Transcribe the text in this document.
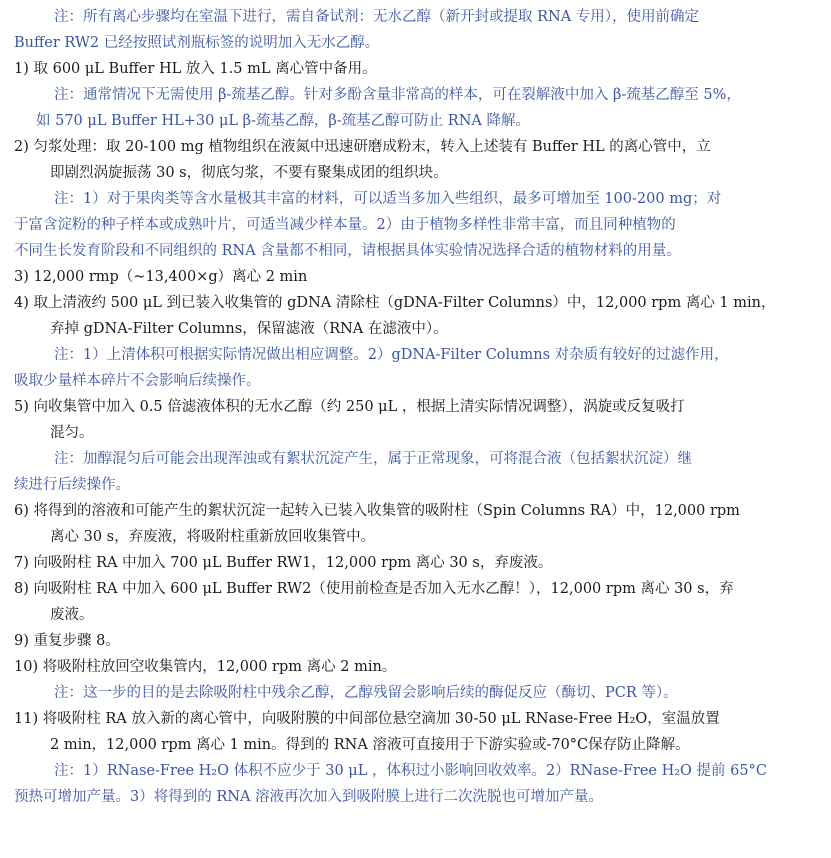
注：所有离心步骤均在室温下进行，需自备试剂：无水乙醇（新开封或提取 RNA 专用），使用前确定
Buffer RW2 已经按照试剂瓶标签的说明加入无水乙醇。
1) 取 600 μL Buffer HL 放入 1.5 mL 离心管中备用。
注：通常情况下无需使用 β-巯基乙醇。针对多酚含量非常高的样本，可在裂解液中加入 β-巯基乙醇至 5%，
如 570 μL Buffer HL+30 μL β-巯基乙醇，β-巯基乙醇可防止 RNA 降解。
2) 匀浆处理：取 20-100 mg 植物组织在液氮中迅速研磨成粉末，转入上述装有 Buffer HL 的离心管中，立
即剧烈涡旋振荡 30 s，彻底匀浆，不要有聚集成团的组织块。
注：1）对于果肉类等含水量极其丰富的材料，可以适当多加入些组织，最多可增加至 100-200 mg；对
于富含淀粉的种子样本或成熟叶片，可适当减少样本量。2）由于植物多样性非常丰富，而且同种植物的
不同生长发育阶段和不同组织的 RNA 含量都不相同，请根据具体实验情况选择合适的植物材料的用量。
3) 12,000 rmp（~13,400×g）离心 2 min
4) 取上清液约 500 μL 到已装入收集管的 gDNA 清除柱（gDNA-Filter Columns）中，12,000 rpm 离心 1 min，
弃掉 gDNA-Filter Columns，保留滤液（RNA 在滤液中）。
注：1）上清体积可根据实际情况做出相应调整。2）gDNA-Filter Columns 对杂质有较好的过滤作用，
吸取少量样本碎片不会影响后续操作。
5) 向收集管中加入 0.5 倍滤液体积的无水乙醇（约 250 μL ，根据上清实际情况调整），涡旋或反复吸打
混匀。
注：加醇混匀后可能会出现浑浊或有絮状沉淀产生，属于正常现象，可将混合液（包括絮状沉淀）继
续进行后续操作。
6) 将得到的溶液和可能产生的絮状沉淀一起转入已装入收集管的吸附柱（Spin Columns RA）中，12,000 rpm
离心 30 s，弃废液，将吸附柱重新放回收集管中。
7) 向吸附柱 RA 中加入 700 μL Buffer RW1，12,000 rpm 离心 30 s，弃废液。
8) 向吸附柱 RA 中加入 600 μL Buffer RW2（使用前检查是否加入无水乙醇！），12,000 rpm 离心 30 s，弃
废液。
9) 重复步骤 8。
10) 将吸附柱放回空收集管内，12,000 rpm 离心 2 min。
注：这一步的目的是去除吸附柱中残余乙醇，乙醇残留会影响后续的酶促反应（酶切、PCR 等）。
11) 将吸附柱 RA 放入新的离心管中，向吸附膜的中间部位悬空滴加 30-50 μL RNase-Free H₂O，室温放置
2 min，12,000 rpm 离心 1 min。得到的 RNA 溶液可直接用于下游实验或-70°C保存防止降解。
注：1）RNase-Free H₂O 体积不应少于 30 μL ，体积过小影响回收效率。2）RNase-Free H₂O 提前 65°C
预热可增加产量。3）将得到的 RNA 溶液再次加入到吸附膜上进行二次洗脱也可增加产量。
